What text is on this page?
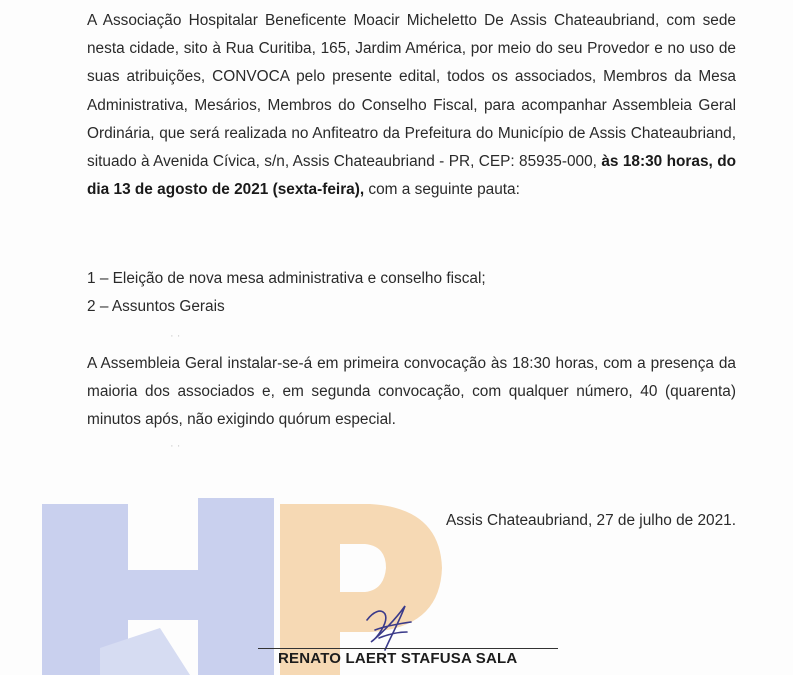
· ·
· ·

A Associação Hospitalar Beneficente Moacir Micheletto De Assis Chateaubriand, com sede nesta cidade, sito à Rua Curitiba, 165, Jardim América, por meio do seu Provedor e no uso de suas atribuições, CONVOCA pelo presente edital, todos os associados, Membros da Mesa Administrativa, Mesários, Membros do Conselho Fiscal, para acompanhar Assembleia Geral Ordinária, que será realizada no Anfiteatro da Prefeitura do Município de Assis Chateaubriand, situado à Avenida Cívica, s/n, Assis Chateaubriand - PR, CEP: 85935-000, às 18:30 horas, do dia 13 de agosto de 2021 (sexta-feira), com a seguinte pauta:

1 – Eleição de nova mesa administrativa e conselho fiscal;

2 – Assuntos Gerais

A Assembleia Geral instalar-se-á em primeira convocação às 18:30 horas, com a presença da maioria dos associados e, em segunda convocação, com qualquer número, 40 (quarenta) minutos após, não exigindo quórum especial.

Assis Chateaubriand, 27 de julho de 2021.

RENATO LAERT STAFUSA SALA
